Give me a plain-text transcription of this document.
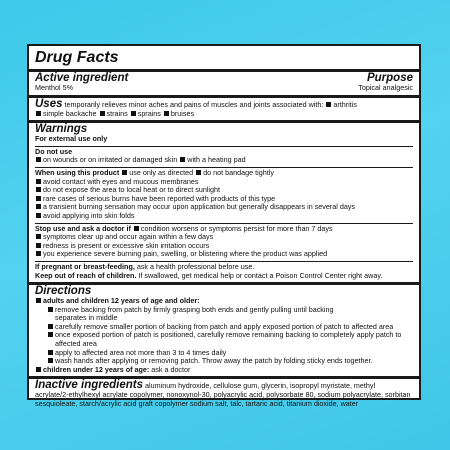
Drug Facts
Active ingredient	Purpose
Menthol 5%	Topical analgesic
Uses temporarily relieves minor aches and pains of muscles and joints associated with: arthritis
simple backache strains sprains bruises
Warnings
For external use only
Do not use
on wounds or on irritated or damaged skin with a heating pad
When using this product use only as directed do not bandage tightly
avoid contact with eyes and mucous membranes
do not expose the area to local heat or to direct sunlight
rare cases of serious burns have been reported with products of this type
a transient burning sensation may occur upon application but generally disappears in several days
avoid applying into skin folds
Stop use and ask a doctor if condition worsens or symptoms persist for more than 7 days
symptoms clear up and occur again within a few days
redness is present or excessive skin irritation occurs
you experience severe burning pain, swelling, or blistering where the product was applied
If pregnant or breast-feeding, ask a health professional before use.
Keep out of reach of children. If swallowed, get medical help or contact a Poison Control Center right away.
Directions
adults and children 12 years of age and older:
remove backing from patch by firmly grasping both ends and gently pulling until backing
separates in middle
carefully remove smaller portion of backing from patch and apply exposed portion of patch to affected area
once exposed portion of patch is positioned, carefully remove remaining backing to completely apply patch to
affected area
apply to affected area not more than 3 to 4 times daily
wash hands after applying or removing patch. Throw away the patch by folding sticky ends together.
children under 12 years of age: ask a doctor
Inactive ingredients aluminum hydroxide, cellulose gum, glycerin, isopropyl myristate, methyl
acrylate/2-ethylhexyl acrylate copolymer, nonoxynol-30, polyacrylic acid, polysorbate 80, sodium polyacrylate, sorbitan
sesquioleate, starch/acrylic acid graft copolymer sodium salt, talc, tartaric acid, titanium dioxide, water
